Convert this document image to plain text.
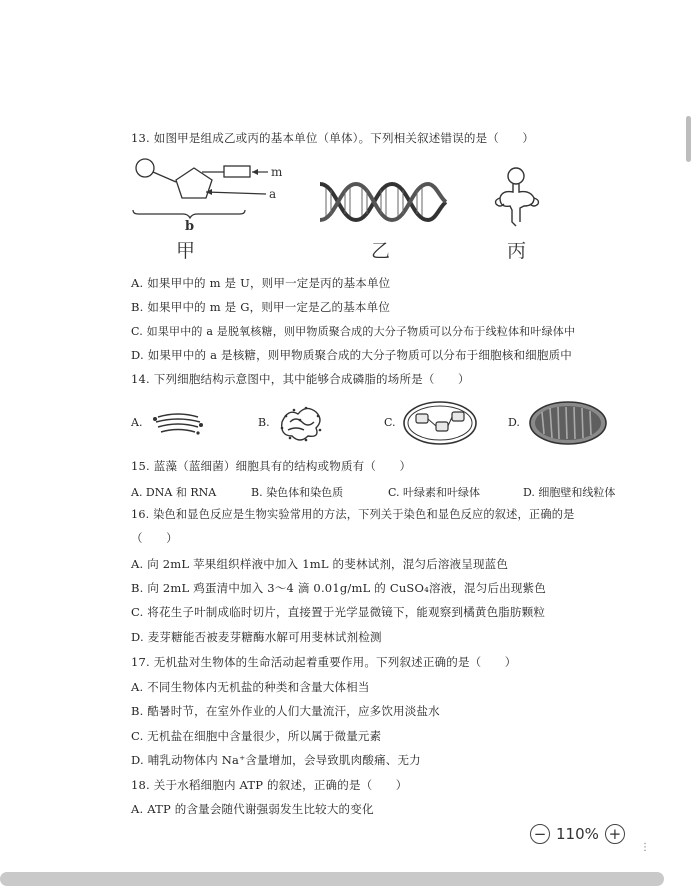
13. 如图甲是组成乙或丙的基本单位（单体）。下列相关叙述错误的是（　　）
m
a
b
甲	乙	丙
A. 如果甲中的 m 是 U，则甲一定是丙的基本单位
B. 如果甲中的 m 是 G，则甲一定是乙的基本单位
C. 如果甲中的 a 是脱氧核糖，则甲物质聚合成的大分子物质可以分布于线粒体和叶绿体中
D. 如果甲中的 a 是核糖，则甲物质聚合成的大分子物质可以分布于细胞核和细胞质中
14. 下列细胞结构示意图中，其中能够合成磷脂的场所是（　　）
A.	B.	C.	D.
15. 蓝藻（蓝细菌）细胞具有的结构或物质有（　　）
A. DNA 和 RNA	B. 染色体和染色质	C. 叶绿素和叶绿体	D. 细胞壁和线粒体
16. 染色和显色反应是生物实验常用的方法，下列关于染色和显色反应的叙述，正确的是
（　　）
A. 向 2mL 苹果组织样液中加入 1mL 的斐林试剂，混匀后溶液呈现蓝色
B. 向 2mL 鸡蛋清中加入 3～4 滴 0.01g/mL 的 CuSO₄溶液，混匀后出现紫色
C. 将花生子叶制成临时切片，直接置于光学显微镜下，能观察到橘黄色脂肪颗粒
D. 麦芽糖能否被麦芽糖酶水解可用斐林试剂检测
17. 无机盐对生物体的生命活动起着重要作用。下列叙述正确的是（　　）
A. 不同生物体内无机盐的种类和含量大体相当
B. 酷暑时节，在室外作业的人们大量流汗，应多饮用淡盐水
C. 无机盐在细胞中含量很少，所以属于微量元素
D. 哺乳动物体内 Na⁺含量增加，会导致肌肉酸痛、无力
18. 关于水稻细胞内 ATP 的叙述，正确的是（　　）
A. ATP 的含量会随代谢强弱发生比较大的变化
− 110% +
⋮
